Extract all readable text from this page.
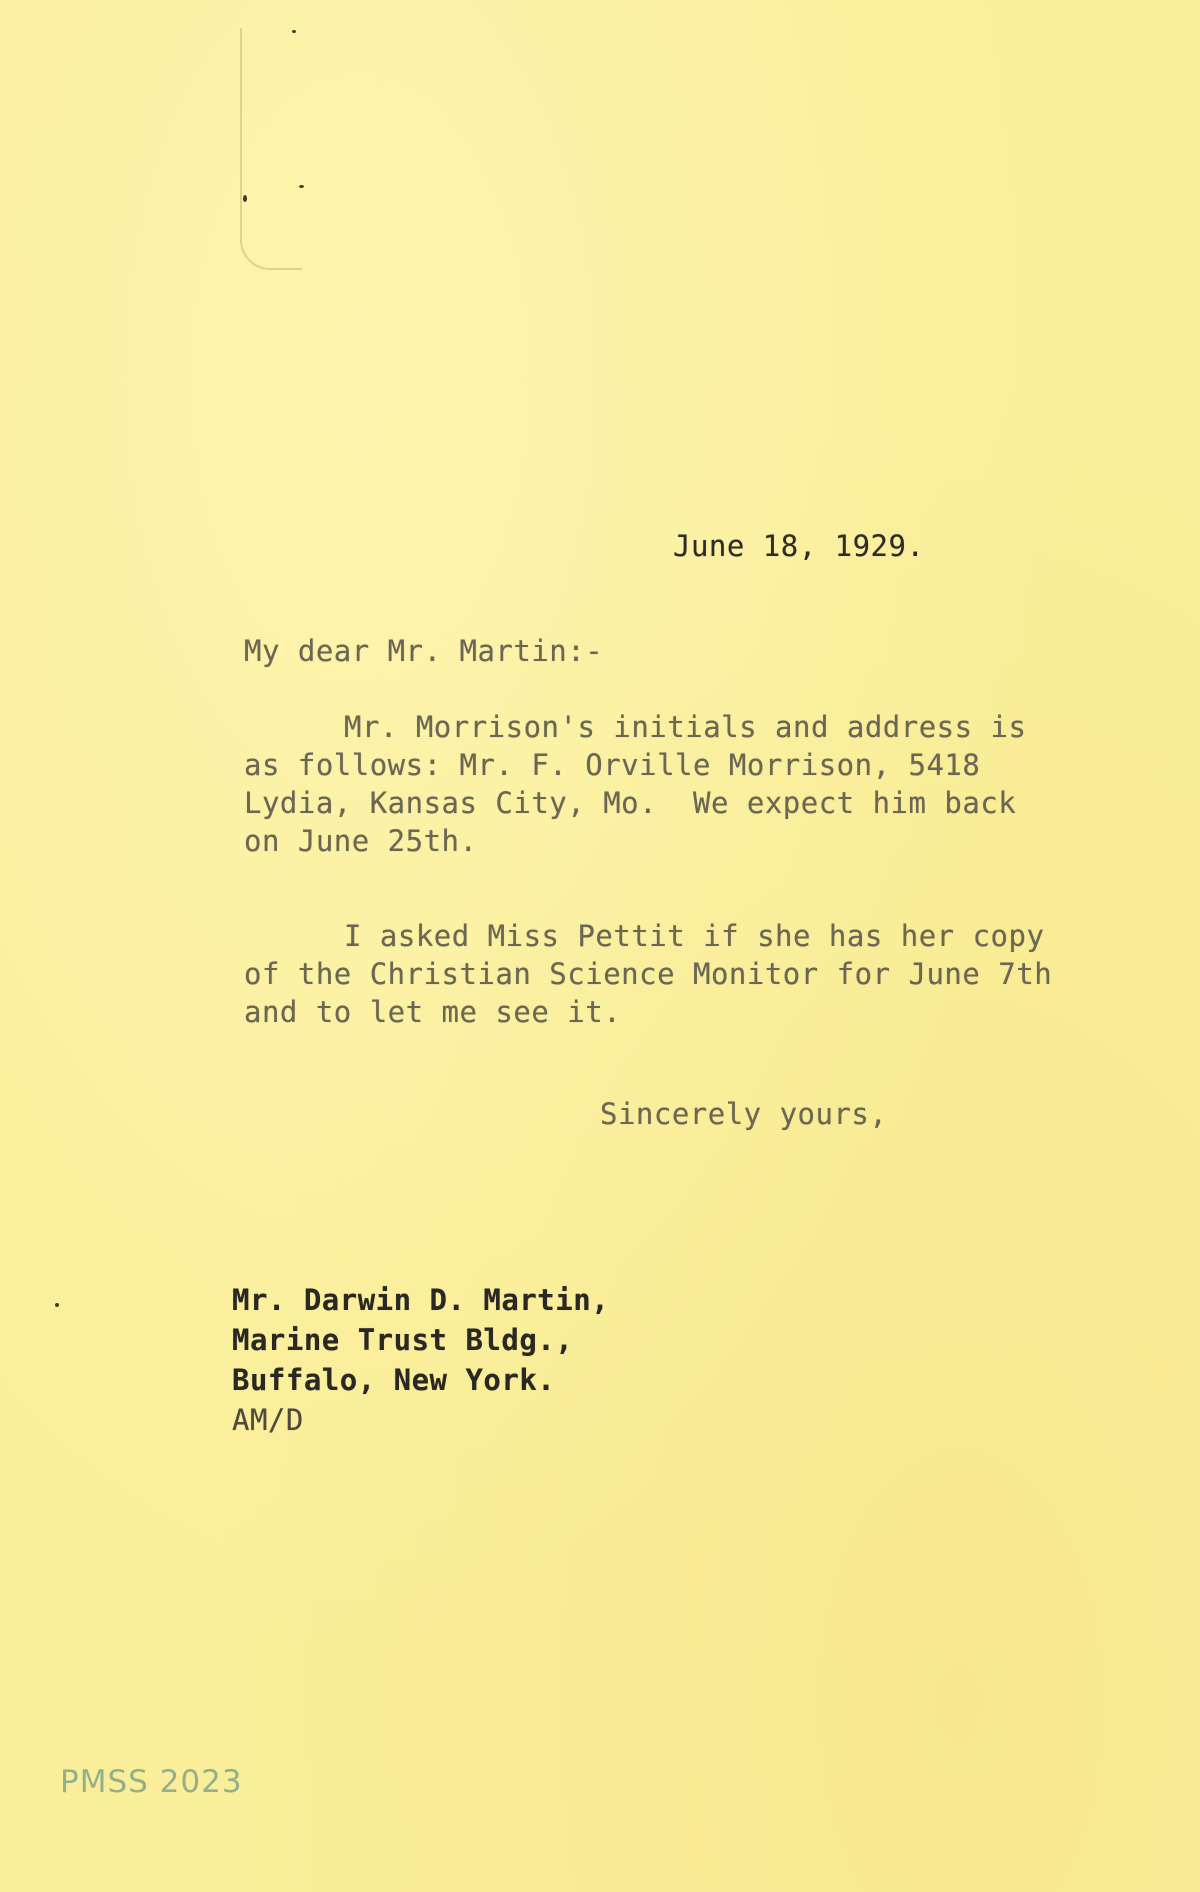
June 18, 1929.
My dear Mr. Martin:-
Mr. Morrison's initials and address is
as follows: Mr. F. Orville Morrison, 5418
Lydia, Kansas City, Mo.  We expect him back
on June 25th.
I asked Miss Pettit if she has her copy
of the Christian Science Monitor for June 7th
and to let me see it.
Sincerely yours,
Mr. Darwin D. Martin,
Marine Trust Bldg.,
Buffalo, New York.
AM/D
PMSS 2023
